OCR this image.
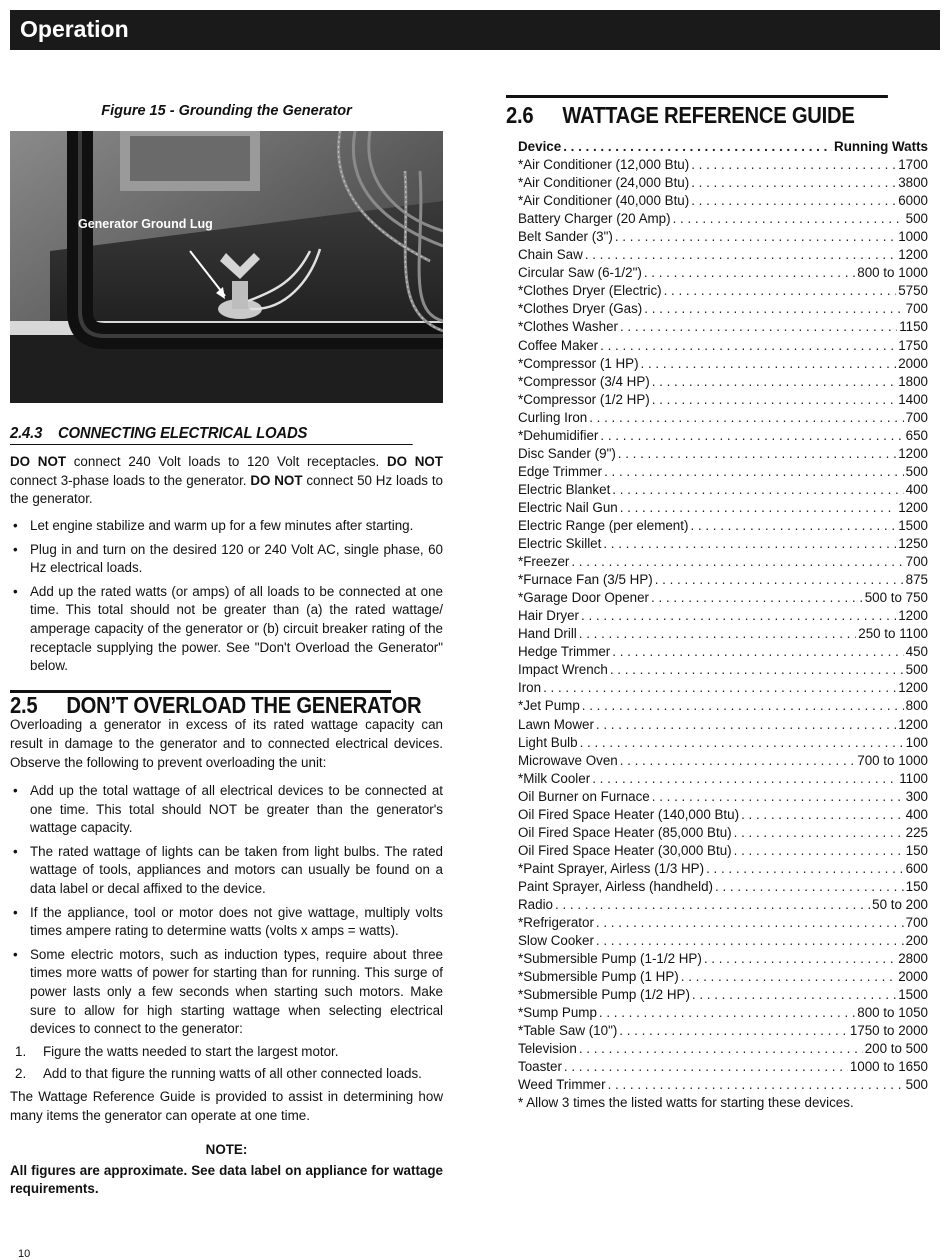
Operation
Figure 15 - Grounding the Generator
Generator Ground Lug
2.4.3 CONNECTING ELECTRICAL LOADS

DO NOT connect 240 Volt loads to 120 Volt receptacles. DO NOT connect 3-phase loads to the generator. DO NOT connect 50 Hz loads to the generator.

• Let engine stabilize and warm up for a few minutes after starting.
• Plug in and turn on the desired 120 or 240 Volt AC, single phase, 60 Hz electrical loads.
• Add up the rated watts (or amps) of all loads to be connected at one time. This total should not be greater than (a) the rated wattage/ amperage capacity of the generator or (b) circuit breaker rating of the receptacle supplying the power. See "Don't Overload the Generator" below.
2.5 DON’T OVERLOAD THE GENERATOR

Overloading a generator in excess of its rated wattage capacity can result in damage to the generator and to connected electrical devices. Observe the following to prevent overloading the unit:

• Add up the total wattage of all electrical devices to be connected at one time. This total should NOT be greater than the generator's wattage capacity.
• The rated wattage of lights can be taken from light bulbs. The rated wattage of tools, appliances and motors can usually be found on a data label or decal affixed to the device.
• If the appliance, tool or motor does not give wattage, multiply volts times ampere rating to determine watts (volts x amps = watts).
• Some electric motors, such as induction types, require about three times more watts of power for starting than for running. This surge of power lasts only a few seconds when starting such motors. Make sure to allow for high starting wattage when selecting electrical devices to connect to the generator:
1. Figure the watts needed to start the largest motor.
2. Add to that figure the running watts of all other connected loads.

The Wattage Reference Guide is provided to assist in determining how many items the generator can operate at one time.

NOTE:
All figures are approximate. See data label on appliance for wattage requirements.
2.6 WATTAGE REFERENCE GUIDE
Device . . .	Running Watts
*Air Conditioner (12,000 Btu) . . .	1700
*Air Conditioner (24,000 Btu) . . .	3800
*Air Conditioner (40,000 Btu) . . .	6000
Battery Charger (20 Amp) . . .	500
Belt Sander (3") . . .	1000
Chain Saw . . .	1200
Circular Saw (6-1/2") . . .	800 to 1000
*Clothes Dryer (Electric) . . .	5750
*Clothes Dryer (Gas) . . .	700
*Clothes Washer . . .	1150
Coffee Maker . . .	1750
*Compressor (1 HP) . . .	2000
*Compressor (3/4 HP) . . .	1800
*Compressor (1/2 HP) . . .	1400
Curling Iron . . .	700
*Dehumidifier . . .	650
Disc Sander (9") . . .	1200
Edge Trimmer . . .	500
Electric Blanket . . .	400
Electric Nail Gun . . .	1200
Electric Range (per element) . . .	1500
Electric Skillet . . .	1250
*Freezer . . .	700
*Furnace Fan (3/5 HP) . . .	875
*Garage Door Opener . . .	500 to 750
Hair Dryer . . .	1200
Hand Drill . . .	250 to 1100
Hedge Trimmer . . .	450
Impact Wrench . . .	500
Iron . . .	1200
*Jet Pump . . .	800
Lawn Mower . . .	1200
Light Bulb . . .	100
Microwave Oven . . .	700 to 1000
*Milk Cooler . . .	1100
Oil Burner on Furnace . . .	300
Oil Fired Space Heater (140,000 Btu) . . .	400
Oil Fired Space Heater (85,000 Btu) . . .	225
Oil Fired Space Heater (30,000 Btu) . . .	150
*Paint Sprayer, Airless (1/3 HP) . . .	600
Paint Sprayer, Airless (handheld) . . .	150
Radio . . .	50 to 200
*Refrigerator . . .	700
Slow Cooker . . .	200
*Submersible Pump (1-1/2 HP) . . .	2800
*Submersible Pump (1 HP) . . .	2000
*Submersible Pump (1/2 HP) . . .	1500
*Sump Pump . . .	800 to 1050
*Table Saw (10") . . .	1750 to 2000
Television . . .	200 to 500
Toaster . . .	1000 to 1650
Weed Trimmer . . .	500
* Allow 3 times the listed watts for starting these devices.
10
